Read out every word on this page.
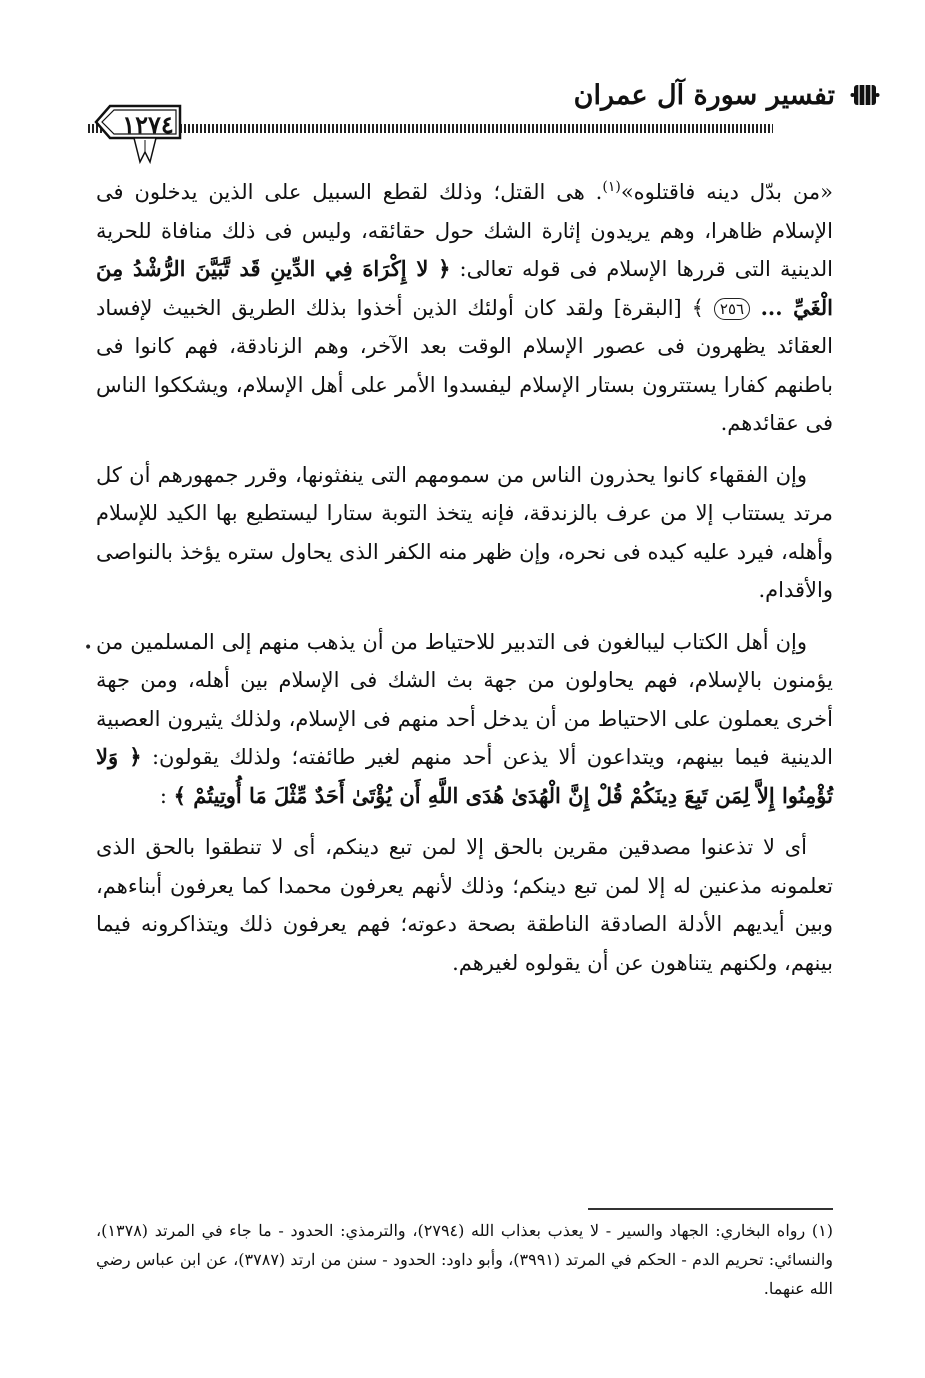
تفسير سورة آل عمران
١٢٧٤

«من بدّل دينه فاقتلوه»$^{(١)}$. هى القتل؛ وذلك لقطع السبيل على الذين يدخلون فى الإسلام ظاهرا، وهم يريدون إثارة الشك حول حقائقه، وليس فى ذلك منافاة للحرية الدينية التى قررها الإسلام فى قوله تعالى: ﴿ لا إِكْرَاهَ فِي الدِّينِ قَد تَّبَيَّنَ الرُّشْدُ مِنَ الْغَيِّ ... ٢٥٦ ﴾ [البقرة] ولقد كان أولئك الذين أخذوا بذلك الطريق الخبيث لإفساد العقائد يظهرون فى عصور الإسلام الوقت بعد الآخر، وهم الزنادقة، فهم كانوا فى باطنهم كفارا يستترون بستار الإسلام ليفسدوا الأمر على أهل الإسلام، ويشككوا الناس فى عقائدهم.

وإن الفقهاء كانوا يحذرون الناس من سمومهم التى ينفثونها، وقرر جمهورهم أن كل مرتد يستتاب إلا من عرف بالزندقة، فإنه يتخذ التوبة ستارا ليستطيع بها الكيد للإسلام وأهله، فيرد عليه كيده فى نحره، وإن ظهر منه الكفر الذى يحاول ستره يؤخذ بالنواصى والأقدام.

وإن أهل الكتاب ليبالغون فى التدبير للاحتياط من أن يذهب منهم إلى المسلمين من يؤمنون بالإسلام، فهم يحاولون من جهة بث الشك فى الإسلام بين أهله، ومن جهة أخرى يعملون على الاحتياط من أن يدخل أحد منهم فى الإسلام، ولذلك يثيرون العصبية الدينية فيما بينهم، ويتداعون ألا يذعن أحد منهم لغير طائفته؛ ولذلك يقولون: ﴿ وَلا تُؤْمِنُوا إِلاَّ لِمَن تَبِعَ دِينَكُمْ قُلْ إِنَّ الْهُدَىٰ هُدَى اللَّهِ أَن يُؤْتَىٰ أَحَدٌ مِّثْلَ مَا أُوتِيتُمْ ﴾ :

أى لا تذعنوا مصدقين مقرين بالحق إلا لمن تبع دينكم، أى لا تنطقوا بالحق الذى تعلمونه مذعنين له إلا لمن تبع دينكم؛ وذلك لأنهم يعرفون محمدا كما يعرفون أبناءهم، وبين أيديهم الأدلة الصادقة الناطقة بصحة دعوته؛ فهم يعرفون ذلك ويتذاكرونه فيما بينهم، ولكنهم يتناهون عن أن يقولوه لغيرهم.

(١) رواه البخاري: الجهاد والسير - لا يعذب بعذاب الله (٢٧٩٤)، والترمذي: الحدود - ما جاء في المرتد (١٣٧٨)، والنسائي: تحريم الدم - الحكم في المرتد (٣٩٩١)، وأبو داود: الحدود - سنن من ارتد (٣٧٨٧)، عن ابن عباس رضي الله عنهما.

•
